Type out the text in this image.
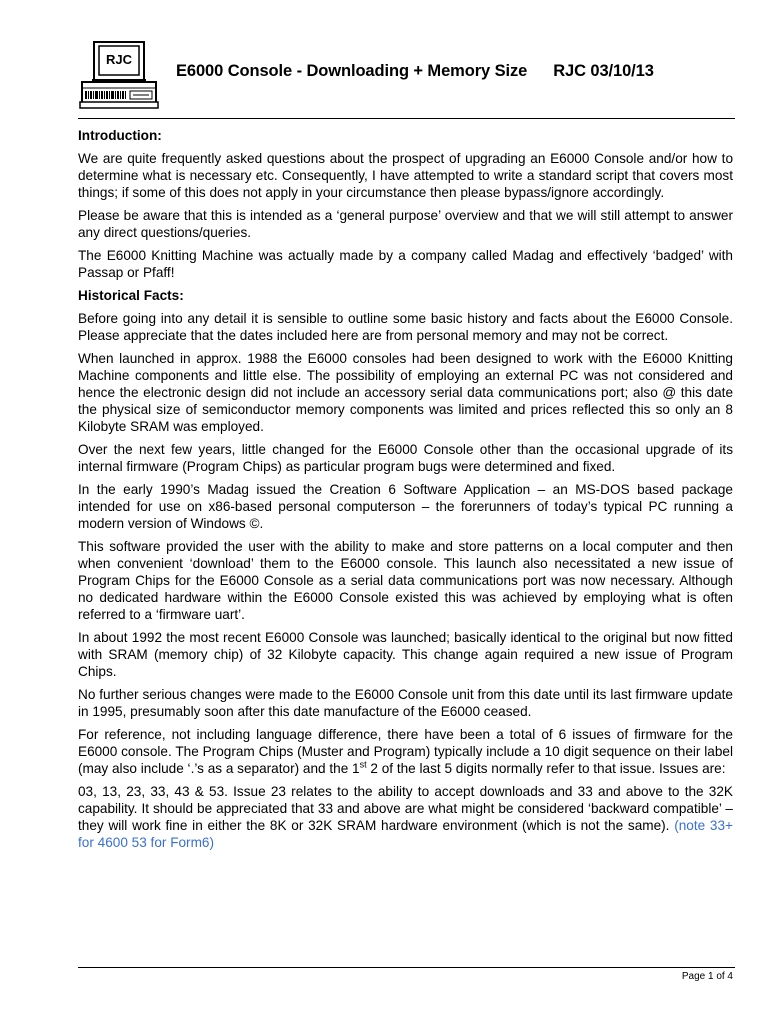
RJC
E6000 Console - Downloading + Memory Size RJC 03/10/13
Introduction:

We are quite frequently asked questions about the prospect of upgrading an E6000 Console and/or how to determine what is necessary etc. Consequently, I have attempted to write a standard script that covers most things; if some of this does not apply in your circumstance then please bypass/ignore accordingly.

Please be aware that this is intended as a ‘general purpose’ overview and that we will still attempt to answer any direct questions/queries.

The E6000 Knitting Machine was actually made by a company called Madag and effectively ‘badged’ with Passap or Pfaff!

Historical Facts:

Before going into any detail it is sensible to outline some basic history and facts about the E6000 Console. Please appreciate that the dates included here are from personal memory and may not be correct.

When launched in approx. 1988 the E6000 consoles had been designed to work with the E6000 Knitting Machine components and little else. The possibility of employing an external PC was not considered and hence the electronic design did not include an accessory serial data communications port; also @ this date the physical size of semiconductor memory components was limited and prices reflected this so only an 8 Kilobyte SRAM was employed.

Over the next few years, little changed for the E6000 Console other than the occasional upgrade of its internal firmware (Program Chips) as particular program bugs were determined and fixed.

In the early 1990’s Madag issued the Creation 6 Software Application – an MS-DOS based package intended for use on x86-based personal computerson – the forerunners of today’s typical PC running a modern version of Windows ©.

This software provided the user with the ability to make and store patterns on a local computer and then when convenient ‘download’ them to the E6000 console. This launch also necessitated a new issue of Program Chips for the E6000 Console as a serial data communications port was now necessary. Although no dedicated hardware within the E6000 Console existed this was achieved by employing what is often referred to a ‘firmware uart’.

In about 1992 the most recent E6000 Console was launched; basically identical to the original but now fitted with SRAM (memory chip) of 32 Kilobyte capacity. This change again required a new issue of Program Chips.

No further serious changes were made to the E6000 Console unit from this date until its last firmware update in 1995, presumably soon after this date manufacture of the E6000 ceased.

For reference, not including language difference, there have been a total of 6 issues of firmware for the E6000 console. The Program Chips (Muster and Program) typically include a 10 digit sequence on their label (may also include ‘.’s as a separator) and the 1st 2 of the last 5 digits normally refer to that issue. Issues are:

03, 13, 23, 33, 43 & 53. Issue 23 relates to the ability to accept downloads and 33 and above to the 32K capability. It should be appreciated that 33 and above are what might be considered ‘backward compatible’ – they will work fine in either the 8K or 32K SRAM hardware environment (which is not the same). (note 33+ for 4600 53 for Form6)

Page 1 of 4
